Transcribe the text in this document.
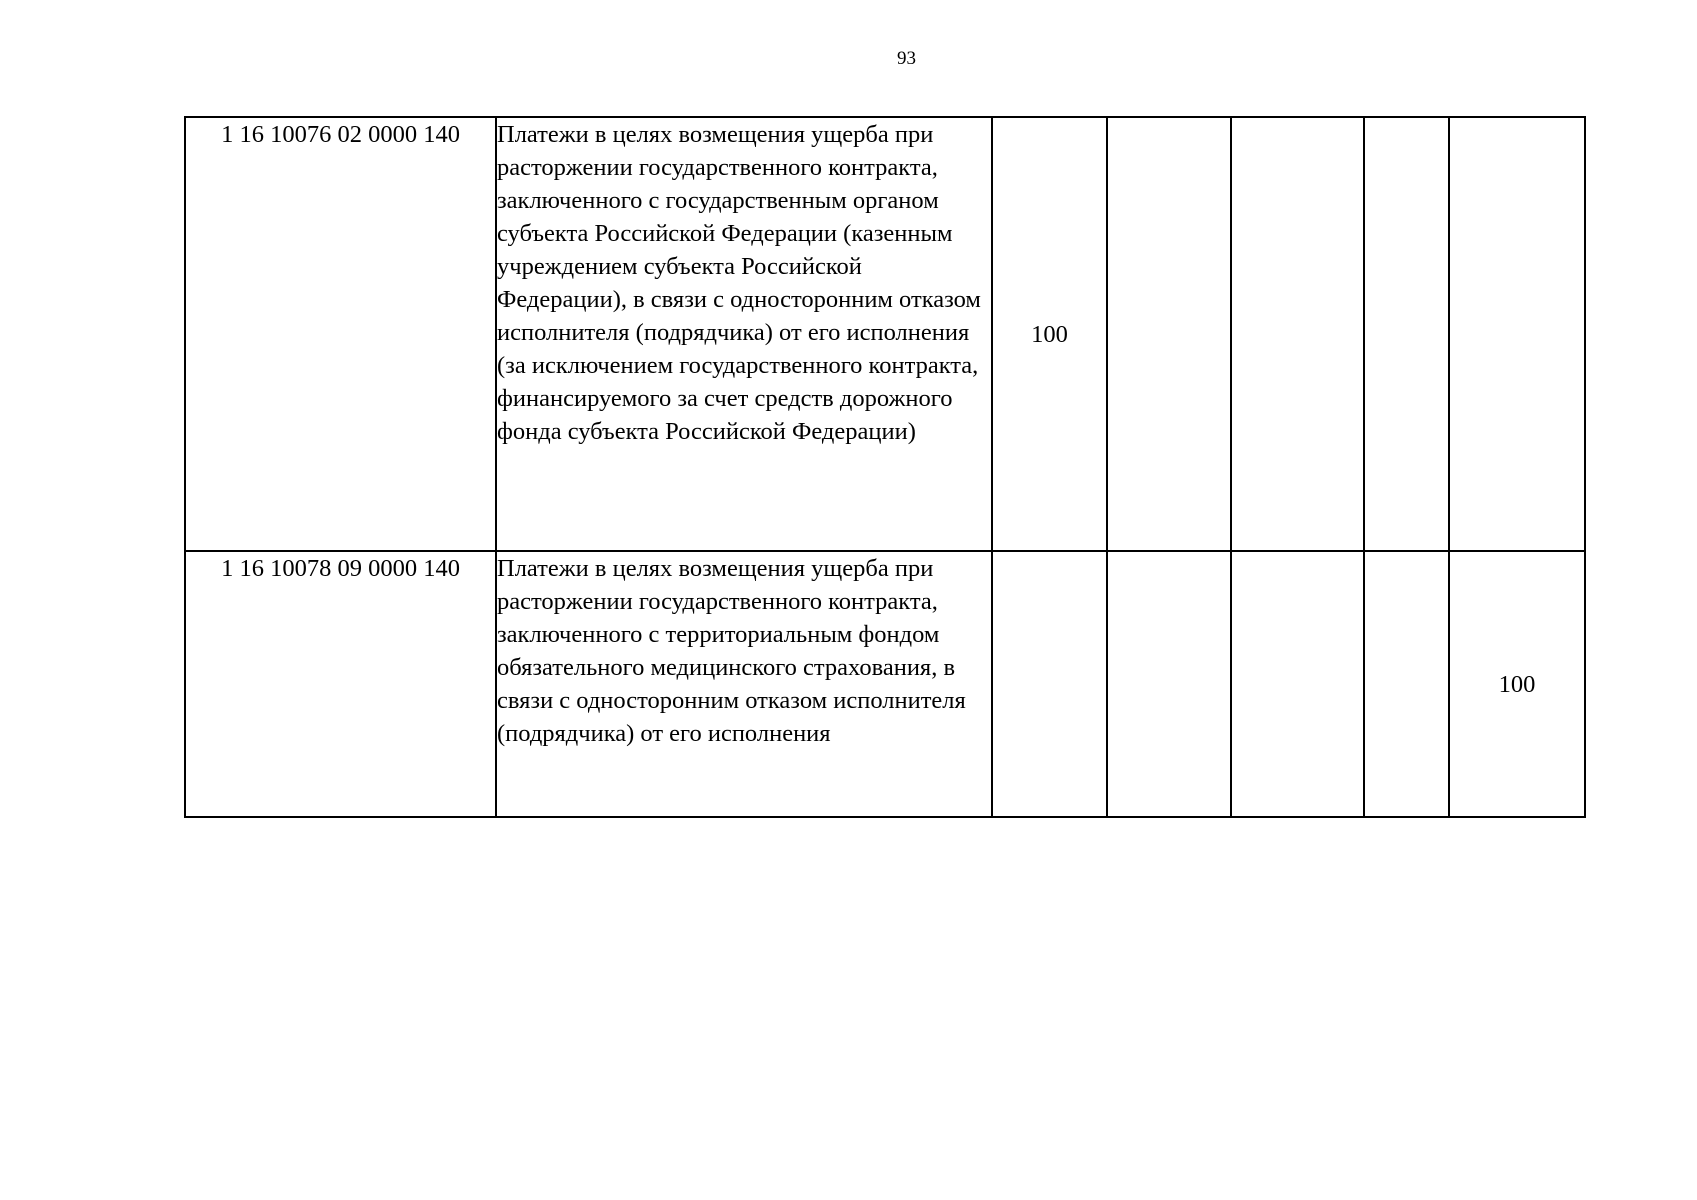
93
1 16 10076 02 0000 140	Платежи в целях возмещения ущерба при расторжении государственного контракта, заключенного с государственным органом субъекта Российской Федерации (казенным учреждением субъекта Российской Федерации), в связи с односторонним отказом исполнителя (подрядчика) от его исполнения (за исключением государственного контракта, финансируемого за счет средств дорожного фонда субъекта Российской Федерации)	100				
1 16 10078 09 0000 140	Платежи в целях возмещения ущерба при расторжении государственного контракта, заключенного с территориальным фондом обязательного медицинского страхования, в связи с односторонним отказом исполнителя (подрядчика) от его исполнения					100
